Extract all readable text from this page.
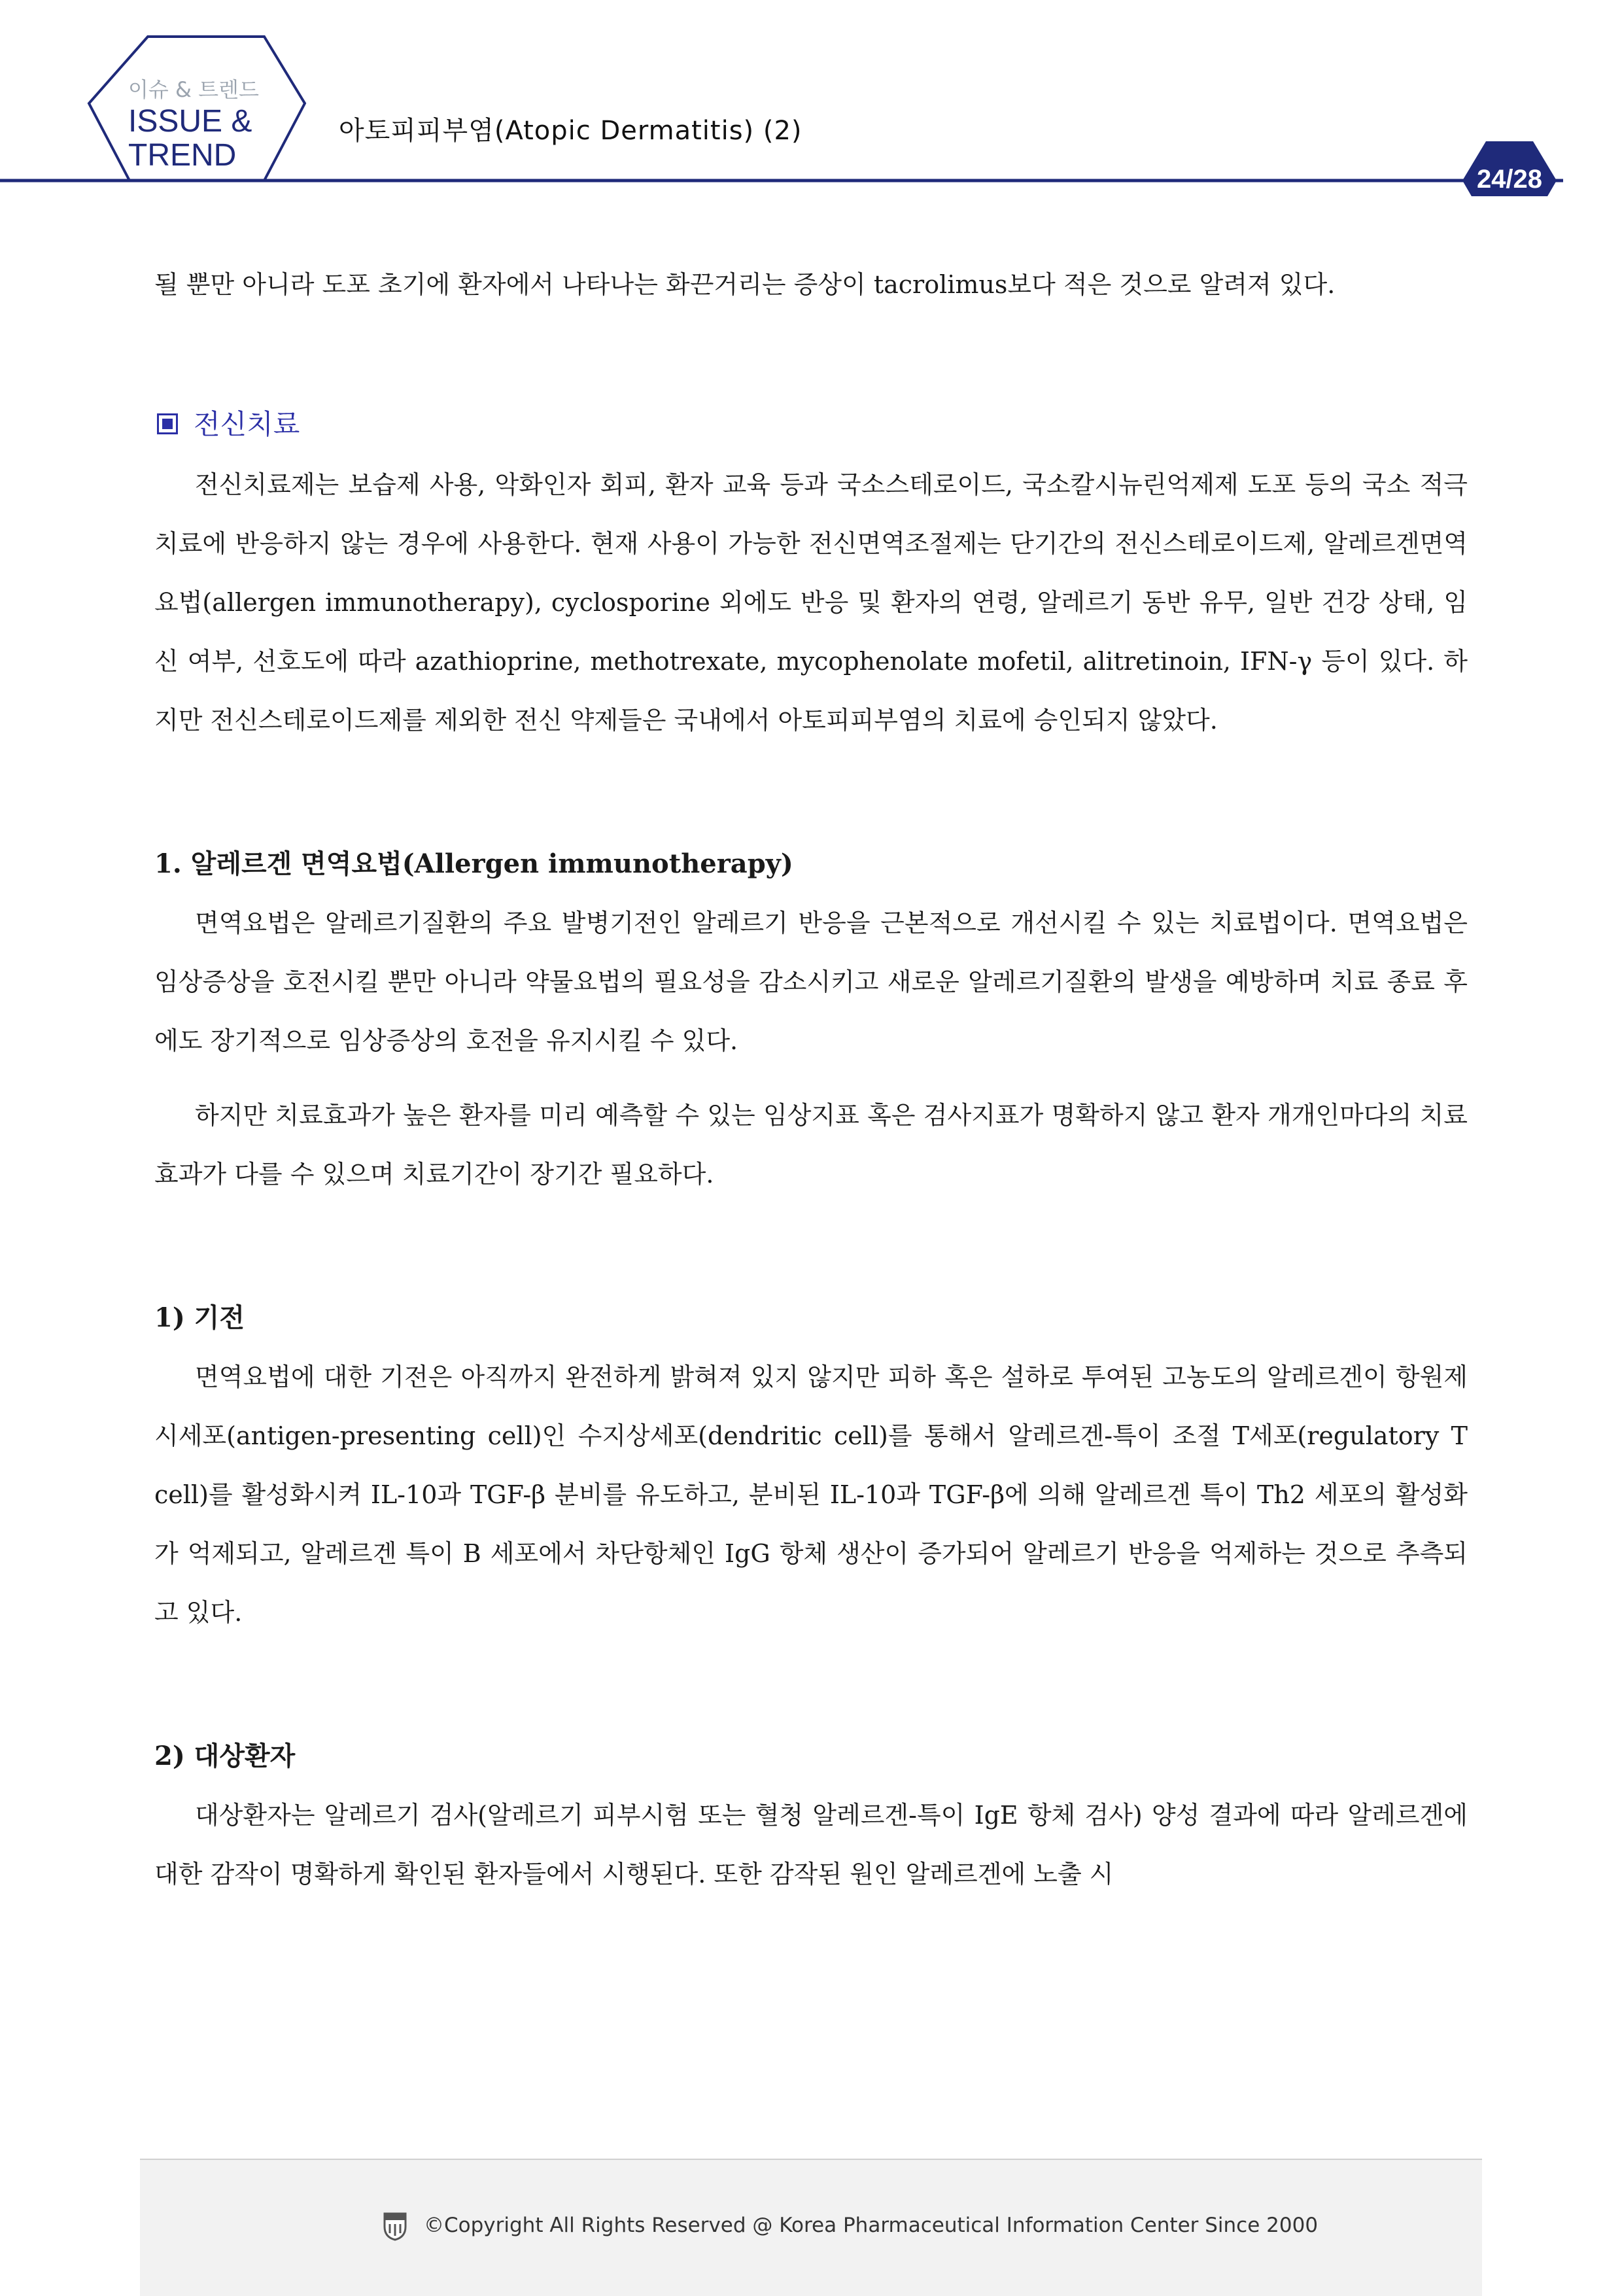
이슈 & 트렌드
ISSUE & TREND
아토피피부염(Atopic Dermatitis) (2)
24/28

될 뿐만 아니라 도포 초기에 환자에서 나타나는 화끈거리는 증상이 tacrolimus보다 적은 것으로 알려져 있다.

전신치료

전신치료제는 보습제 사용, 악화인자 회피, 환자 교육 등과 국소스테로이드, 국소칼시뉴린억제제 도포 등의 국소 적극치료에 반응하지 않는 경우에 사용한다. 현재 사용이 가능한 전신면역조절제는 단기간의 전신스테로이드제, 알레르겐면역요법(allergen immunotherapy), cyclosporine 외에도 반응 및 환자의 연령, 알레르기 동반 유무, 일반 건강 상태, 임신 여부, 선호도에 따라 azathioprine, methotrexate, mycophenolate mofetil, alitretinoin, IFN-γ 등이 있다. 하지만 전신스테로이드제를 제외한 전신 약제들은 국내에서 아토피피부염의 치료에 승인되지 않았다.

1. 알레르겐 면역요법(Allergen immunotherapy)

면역요법은 알레르기질환의 주요 발병기전인 알레르기 반응을 근본적으로 개선시킬 수 있는 치료법이다. 면역요법은 임상증상을 호전시킬 뿐만 아니라 약물요법의 필요성을 감소시키고 새로운 알레르기질환의 발생을 예방하며 치료 종료 후에도 장기적으로 임상증상의 호전을 유지시킬 수 있다.

하지만 치료효과가 높은 환자를 미리 예측할 수 있는 임상지표 혹은 검사지표가 명확하지 않고 환자 개개인마다의 치료효과가 다를 수 있으며 치료기간이 장기간 필요하다.

1) 기전

면역요법에 대한 기전은 아직까지 완전하게 밝혀져 있지 않지만 피하 혹은 설하로 투여된 고농도의 알레르겐이 항원제시세포(antigen-presenting cell)인 수지상세포(dendritic cell)를 통해서 알레르겐-특이 조절 T세포(regulatory T cell)를 활성화시켜 IL-10과 TGF-β 분비를 유도하고, 분비된 IL-10과 TGF-β에 의해 알레르겐 특이 Th2 세포의 활성화가 억제되고, 알레르겐 특이 B 세포에서 차단항체인 IgG 항체 생산이 증가되어 알레르기 반응을 억제하는 것으로 추측되고 있다.

2) 대상환자

대상환자는 알레르기 검사(알레르기 피부시험 또는 혈청 알레르겐-특이 IgE 항체 검사) 양성 결과에 따라 알레르겐에 대한 감작이 명확하게 확인된 환자들에서 시행된다. 또한 감작된 원인 알레르겐에 노출 시

©Copyright All Rights Reserved @ Korea Pharmaceutical Information Center Since 2000
